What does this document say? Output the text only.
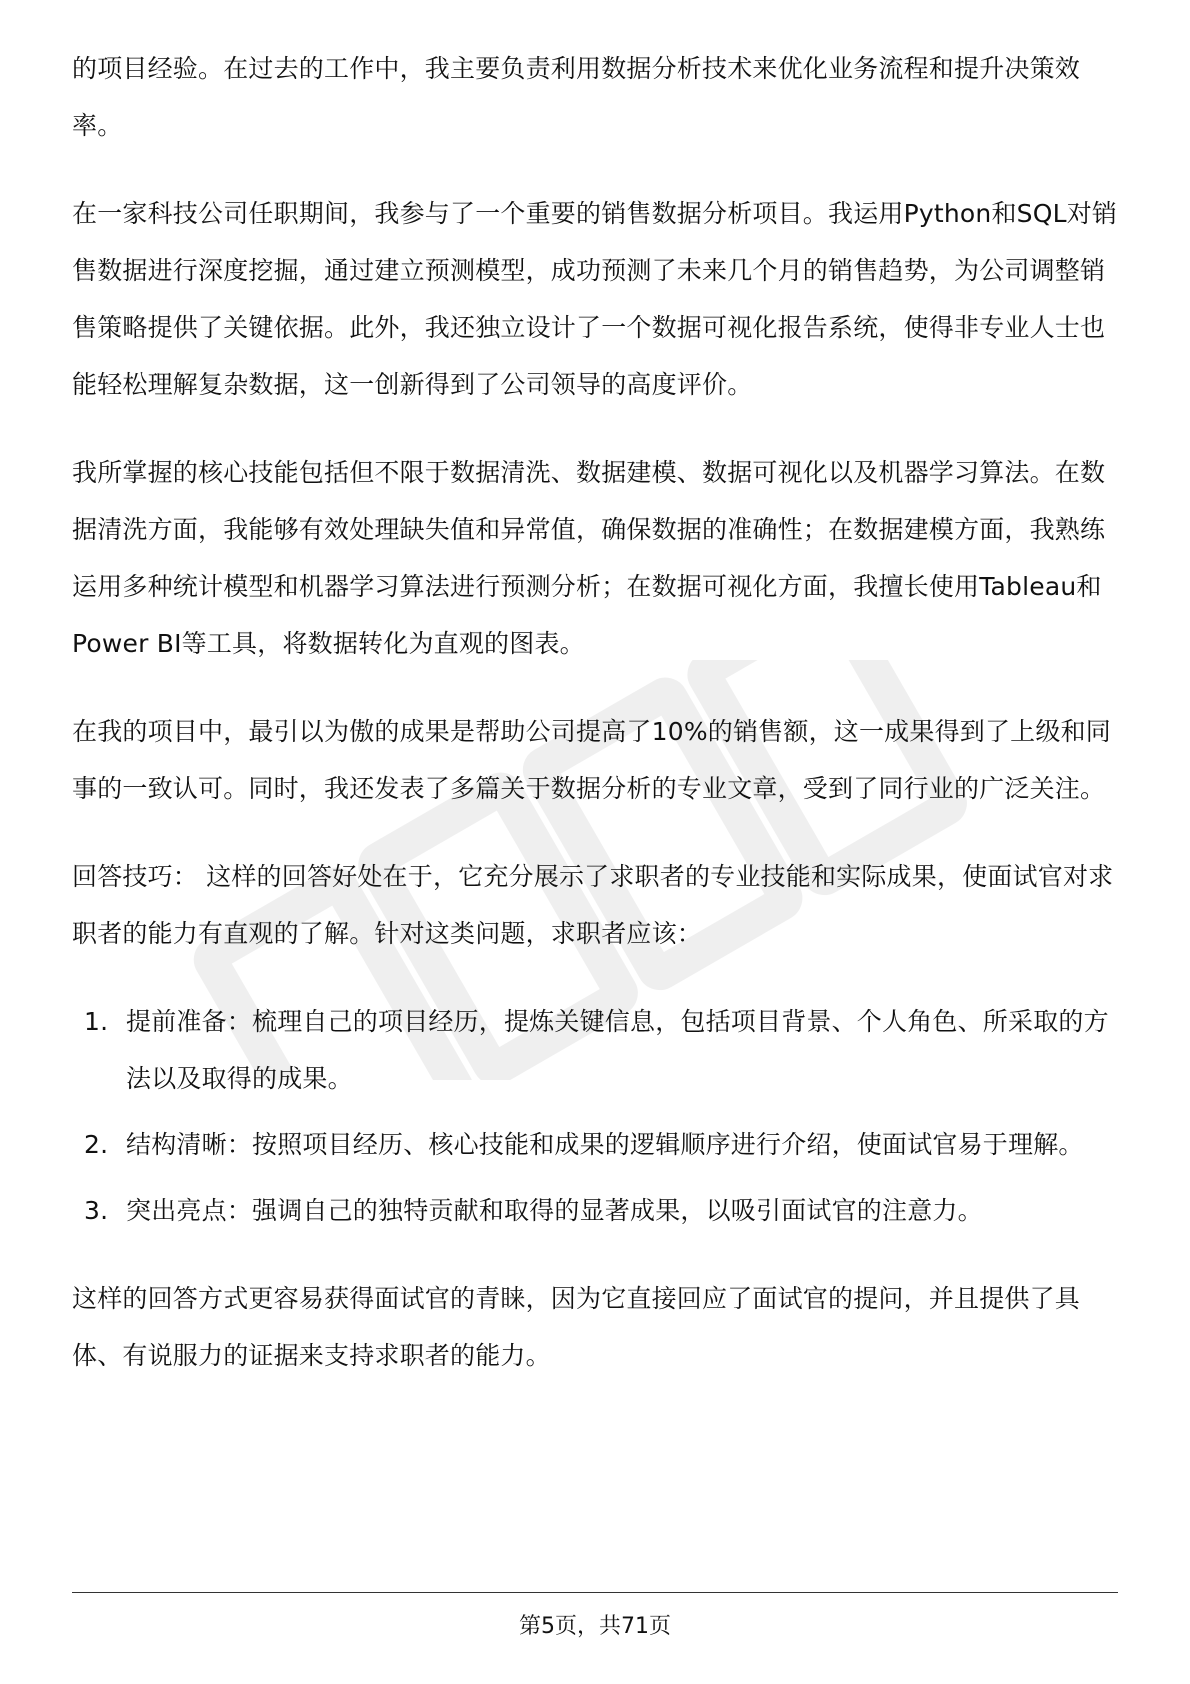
的项目经验。在过去的工作中，我主要负责利用数据分析技术来优化业务流程和提升决策效率。

在一家科技公司任职期间，我参与了一个重要的销售数据分析项目。我运用Python和SQL对销售数据进行深度挖掘，通过建立预测模型，成功预测了未来几个月的销售趋势，为公司调整销售策略提供了关键依据。此外，我还独立设计了一个数据可视化报告系统，使得非专业人士也能轻松理解复杂数据，这一创新得到了公司领导的高度评价。

我所掌握的核心技能包括但不限于数据清洗、数据建模、数据可视化以及机器学习算法。在数据清洗方面，我能够有效处理缺失值和异常值，确保数据的准确性；在数据建模方面，我熟练运用多种统计模型和机器学习算法进行预测分析；在数据可视化方面，我擅长使用Tableau和Power BI等工具，将数据转化为直观的图表。

在我的项目中，最引以为傲的成果是帮助公司提高了10%的销售额，这一成果得到了上级和同事的一致认可。同时，我还发表了多篇关于数据分析的专业文章，受到了同行业的广泛关注。

回答技巧： 这样的回答好处在于，它充分展示了求职者的专业技能和实际成果，使面试官对求职者的能力有直观的了解。针对这类问题，求职者应该：

1. 提前准备：梳理自己的项目经历，提炼关键信息，包括项目背景、个人角色、所采取的方法以及取得的成果。
2. 结构清晰：按照项目经历、核心技能和成果的逻辑顺序进行介绍，使面试官易于理解。
3. 突出亮点：强调自己的独特贡献和取得的显著成果，以吸引面试官的注意力。

这样的回答方式更容易获得面试官的青睐，因为它直接回应了面试官的提问，并且提供了具体、有说服力的证据来支持求职者的能力。

第5页，共71页
